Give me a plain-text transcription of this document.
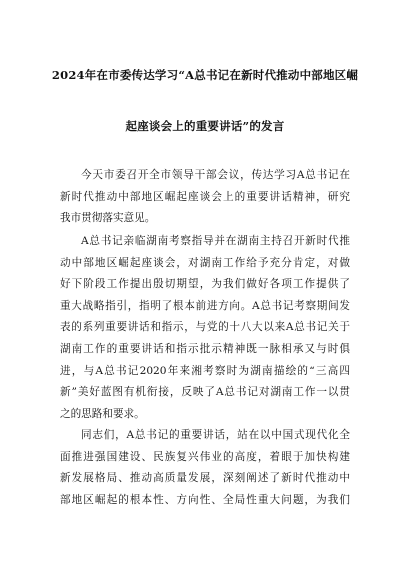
2024年在市委传达学习“A总书记在新时代推动中部地区崛
起座谈会上的重要讲话”的发言
今天市委召开全市领导干部会议，传达学习A总书记在
新时代推动中部地区崛起座谈会上的重要讲话精神，研究
我市贯彻落实意见。
A总书记亲临湖南考察指导并在湖南主持召开新时代推
动中部地区崛起座谈会，对湖南工作给予充分肯定，对做
好下阶段工作提出殷切期望，为我们做好各项工作提供了
重大战略指引，指明了根本前进方向。A总书记考察期间发
表的系列重要讲话和指示，与党的十八大以来A总书记关于
湖南工作的重要讲话和指示批示精神既一脉相承又与时俱
进，与A总书记2020年来湘考察时为湖南描绘的“三高四
新”美好蓝图有机衔接，反映了A总书记对湖南工作一以贯
之的思路和要求。
同志们，A总书记的重要讲话，站在以中国式现代化全
面推进强国建设、民族复兴伟业的高度，着眼于加快构建
新发展格局、推动高质量发展，深刻阐述了新时代推动中
部地区崛起的根本性、方向性、全局性重大问题，为我们
